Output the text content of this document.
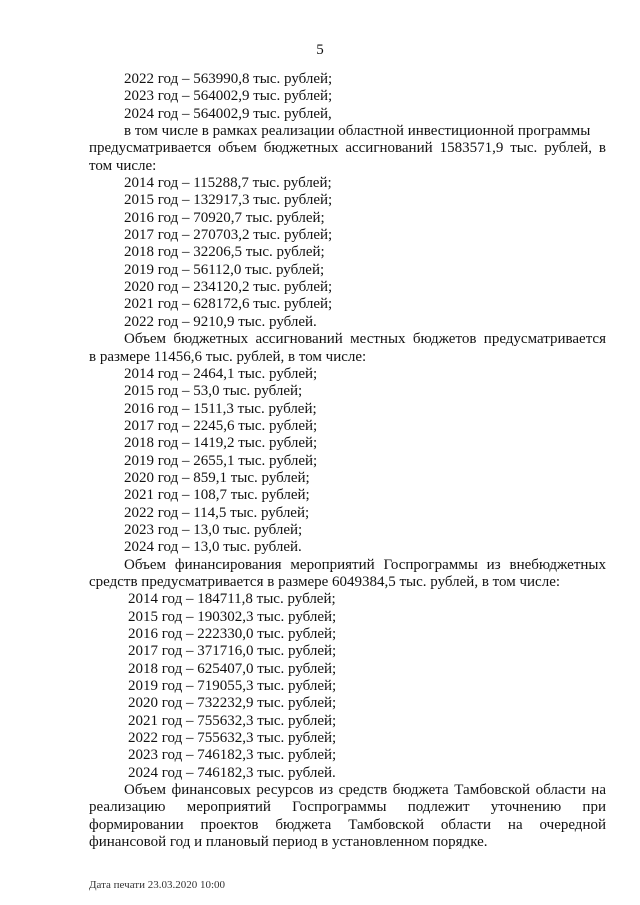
5
2022 год – 563990,8 тыс. рублей;
2023 год – 564002,9 тыс. рублей;
2024 год – 564002,9 тыс. рублей,
в том числе в рамках реализации областной инвестиционной программы
предусматривается объем бюджетных ассигнований 1583571,9 тыс. рублей, в
том числе:
2014 год – 115288,7 тыс. рублей;
2015 год – 132917,3 тыс. рублей;
2016 год – 70920,7 тыс. рублей;
2017 год – 270703,2 тыс. рублей;
2018 год – 32206,5 тыс. рублей;
2019 год – 56112,0 тыс. рублей;
2020 год – 234120,2 тыс. рублей;
2021 год – 628172,6 тыс. рублей;
2022 год – 9210,9 тыс. рублей.
Объем бюджетных ассигнований местных бюджетов предусматривается
в размере 11456,6 тыс. рублей, в том числе:
2014 год – 2464,1 тыс. рублей;
2015 год – 53,0 тыс. рублей;
2016 год – 1511,3 тыс. рублей;
2017 год – 2245,6 тыс. рублей;
2018 год – 1419,2 тыс. рублей;
2019 год – 2655,1 тыс. рублей;
2020 год – 859,1 тыс. рублей;
2021 год – 108,7 тыс. рублей;
2022 год – 114,5 тыс. рублей;
2023 год – 13,0 тыс. рублей;
2024 год – 13,0 тыс. рублей.
Объем финансирования мероприятий Госпрограммы из внебюджетных
средств предусматривается в размере 6049384,5 тыс. рублей, в том числе:
2014 год – 184711,8 тыс. рублей;
2015 год – 190302,3 тыс. рублей;
2016 год – 222330,0 тыс. рублей;
2017 год – 371716,0 тыс. рублей;
2018 год – 625407,0 тыс. рублей;
2019 год – 719055,3 тыс. рублей;
2020 год – 732232,9 тыс. рублей;
2021 год – 755632,3 тыс. рублей;
2022 год – 755632,3 тыс. рублей;
2023 год – 746182,3 тыс. рублей;
2024 год – 746182,3 тыс. рублей.
Объем финансовых ресурсов из средств бюджета Тамбовской области на
реализацию мероприятий Госпрограммы подлежит уточнению при
формировании проектов бюджета Тамбовской области на очередной
финансовой год и плановый период в установленном порядке.
Дата печати 23.03.2020 10:00
